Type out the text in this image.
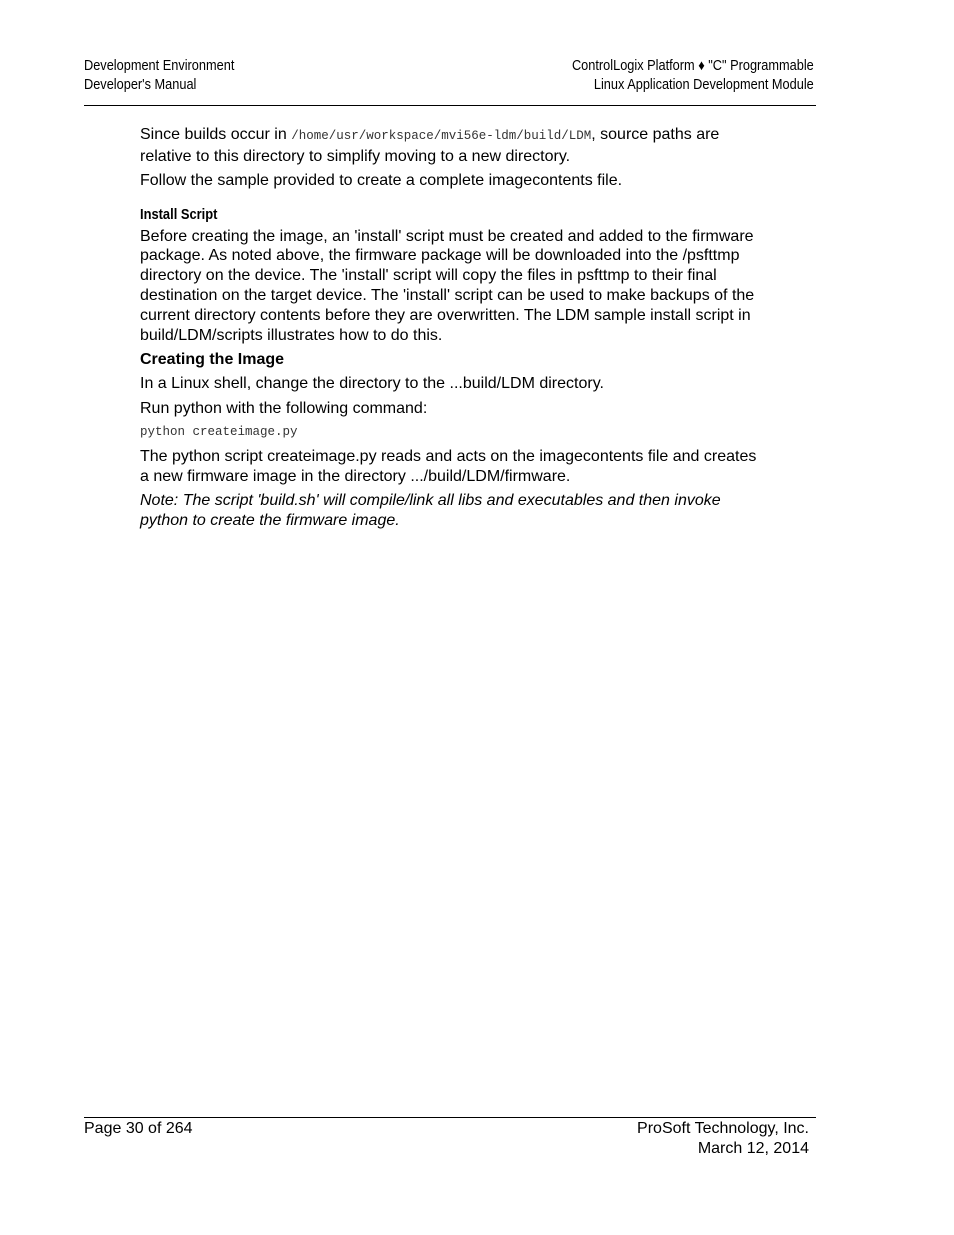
Development Environment
Developer's Manual
ControlLogix Platform ♦ "C" Programmable
Linux Application Development Module

Since builds occur in /home/usr/workspace/mvi56e-ldm/build/LDM, source paths are relative to this directory to simplify moving to a new directory.

Follow the sample provided to create a complete imagecontents file.

Install Script

Before creating the image, an 'install' script must be created and added to the firmware package. As noted above, the firmware package will be downloaded into the /psfttmp directory on the device. The 'install' script will copy the files in psfttmp to their final destination on the target device. The 'install' script can be used to make backups of the current directory contents before they are overwritten. The LDM sample install script in build/LDM/scripts illustrates how to do this.

Creating the Image

In a Linux shell, change the directory to the ...build/LDM directory.

Run python with the following command:

python createimage.py

The python script createimage.py reads and acts on the imagecontents file and creates a new firmware image in the directory .../build/LDM/firmware.

Note: The script 'build.sh' will compile/link all libs and executables and then invoke python to create the firmware image.

Page 30 of 264	ProSoft Technology, Inc.
March 12, 2014
